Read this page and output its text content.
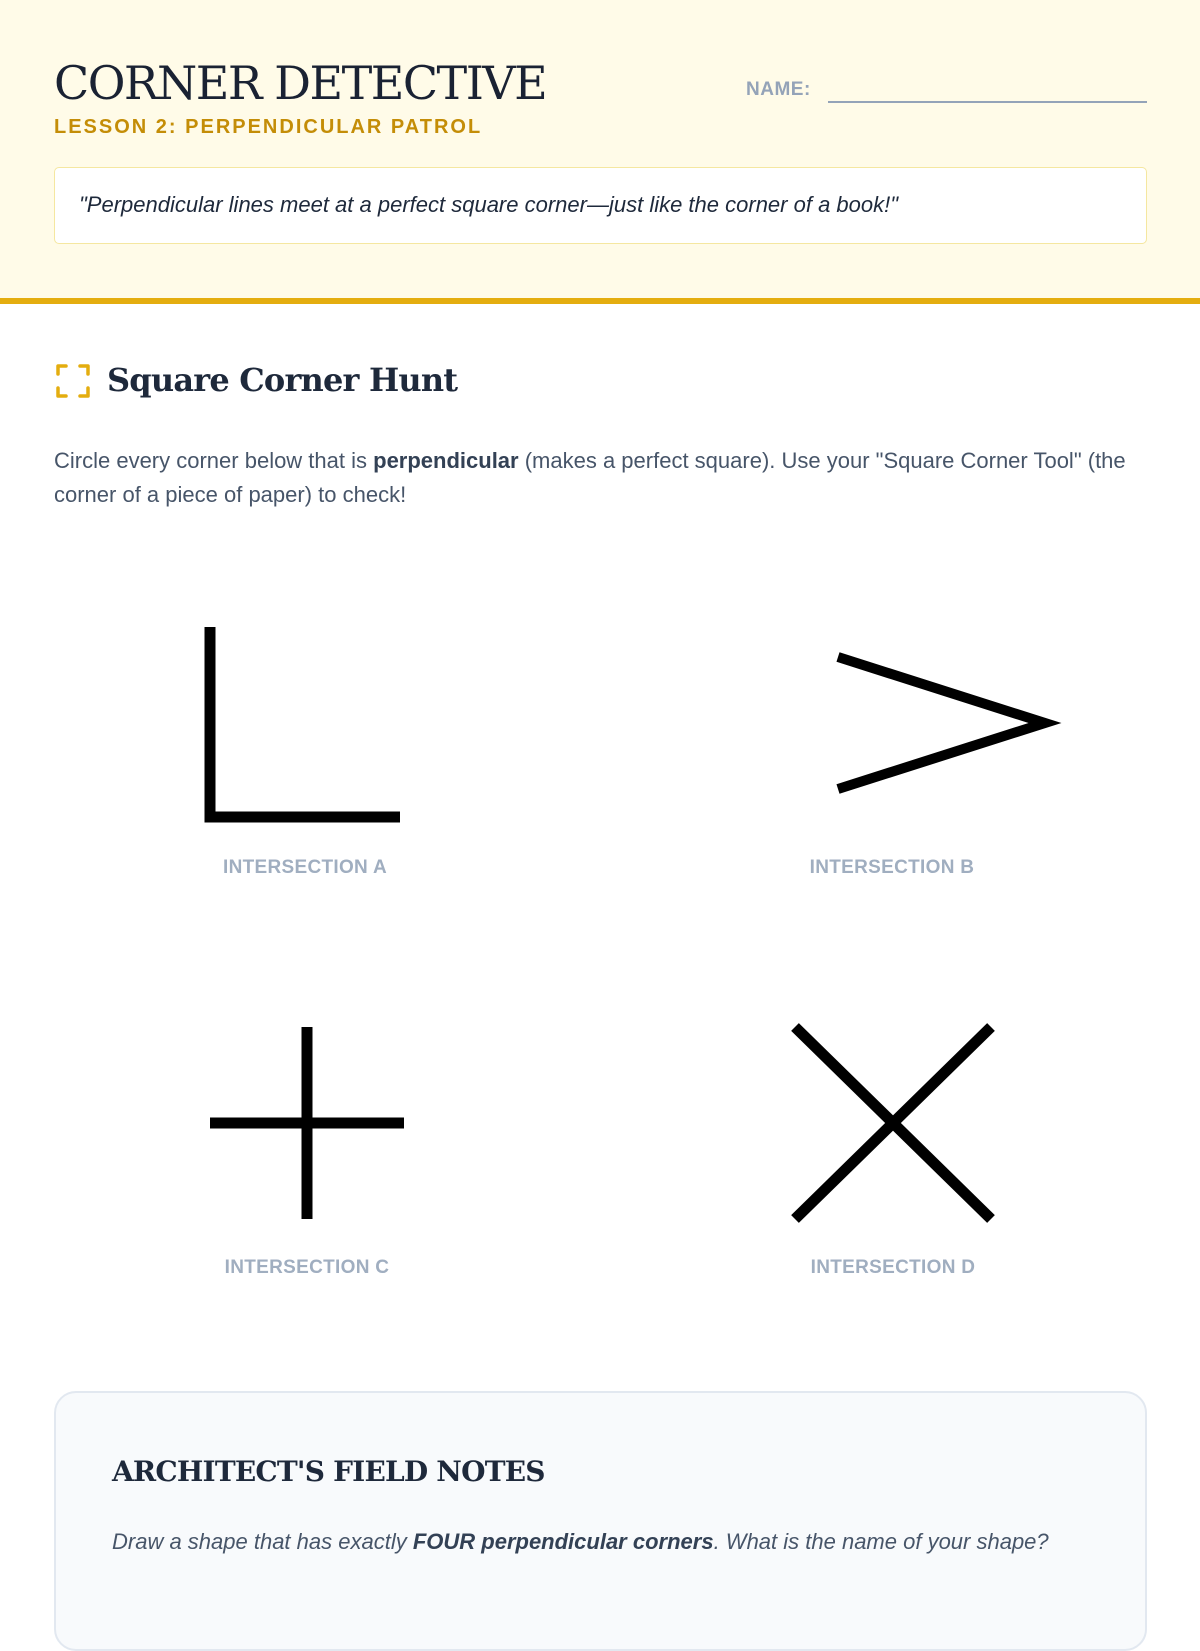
CORNER DETECTIVE
LESSON 2: PERPENDICULAR PATROL
NAME:
"Perpendicular lines meet at a perfect square corner—just like the corner of a book!"
Square Corner Hunt

Circle every corner below that is perpendicular (makes a perfect square). Use your "Square Corner Tool" (the corner of a piece of paper) to check!

INTERSECTION A	INTERSECTION B
INTERSECTION C	INTERSECTION D
ARCHITECT'S FIELD NOTES

Draw a shape that has exactly FOUR perpendicular corners. What is the name of your shape?
